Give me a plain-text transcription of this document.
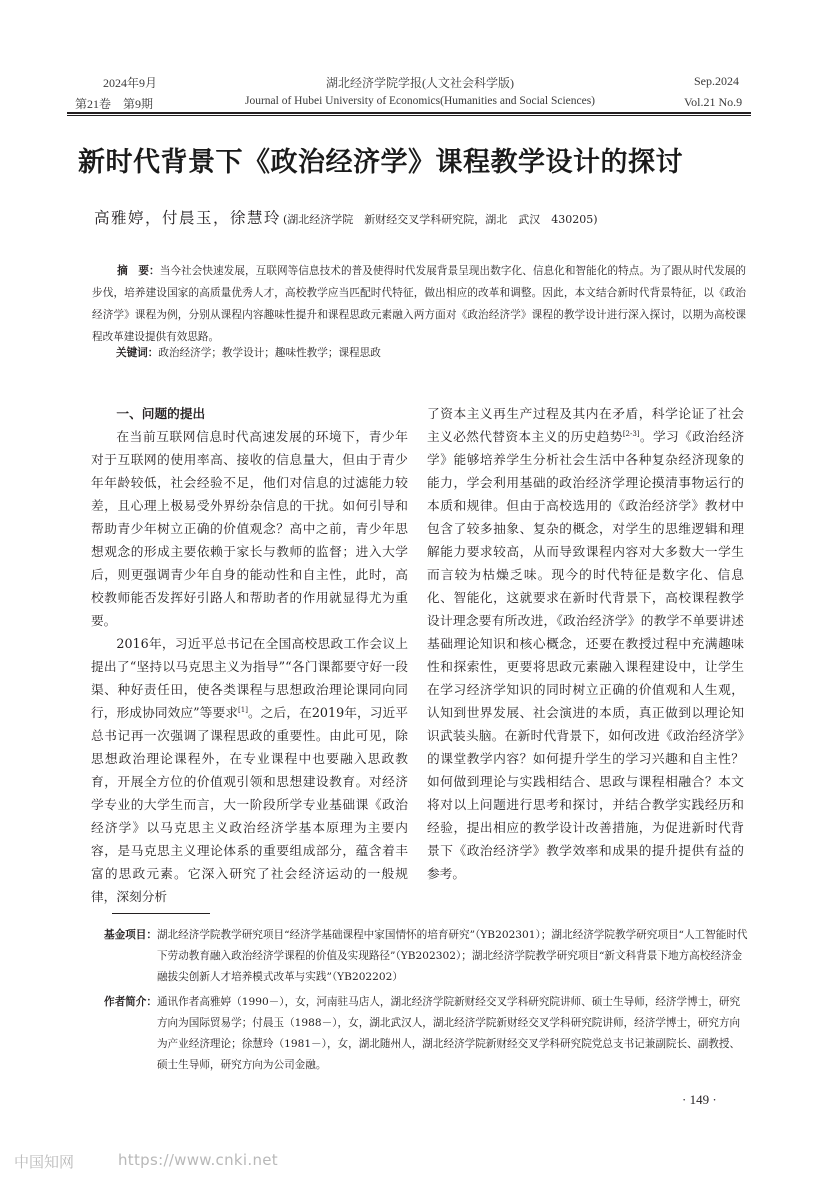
2024年9月
第21卷　第9期
湖北经济学院学报(人文社会科学版)
Journal of Hubei University of Economics(Humanities and Social Sciences)
Sep.2024
Vol.21 No.9
新时代背景下《政治经济学》课程教学设计的探讨
高雅婷，付晨玉，徐慧玲 (湖北经济学院　新财经交叉学科研究院，湖北　武汉　430205)
摘　要：当今社会快速发展，互联网等信息技术的普及使得时代发展背景呈现出数字化、信息化和智能化的特点。为了跟从时代发展的步伐，培养建设国家的高质量优秀人才，高校教学应当匹配时代特征，做出相应的改革和调整。因此，本文结合新时代背景特征，以《政治经济学》课程为例，分别从课程内容趣味性提升和课程思政元素融入两方面对《政治经济学》课程的教学设计进行深入探讨，以期为高校课程改革建设提供有效思路。
关键词：政治经济学；教学设计；趣味性教学；课程思政

一、问题的提出

在当前互联网信息时代高速发展的环境下，青少年对于互联网的使用率高、接收的信息量大，但由于青少年年龄较低，社会经验不足，他们对信息的过滤能力较差，且心理上极易受外界纷杂信息的干扰。如何引导和帮助青少年树立正确的价值观念？高中之前，青少年思想观念的形成主要依赖于家长与教师的监督；进入大学后，则更强调青少年自身的能动性和自主性，此时，高校教师能否发挥好引路人和帮助者的作用就显得尤为重要。

2016年，习近平总书记在全国高校思政工作会议上提出了“坚持以马克思主义为指导”“各门课都要守好一段渠、种好责任田，使各类课程与思想政治理论课同向同行，形成协同效应”等要求[1]。之后，在2019年，习近平总书记再一次强调了课程思政的重要性。由此可见，除思想政治理论课程外，在专业课程中也要融入思政教育，开展全方位的价值观引领和思想建设教育。对经济学专业的大学生而言，大一阶段所学专业基础课《政治经济学》以马克思主义政治经济学基本原理为主要内容，是马克思主义理论体系的重要组成部分，蕴含着丰富的思政元素。它深入研究了社会经济运动的一般规律，深刻分析

了资本主义再生产过程及其内在矛盾，科学论证了社会主义必然代替资本主义的历史趋势[2-3]。学习《政治经济学》能够培养学生分析社会生活中各种复杂经济现象的能力，学会利用基础的政治经济学理论摸清事物运行的本质和规律。但由于高校选用的《政治经济学》教材中包含了较多抽象、复杂的概念，对学生的思维逻辑和理解能力要求较高，从而导致课程内容对大多数大一学生而言较为枯燥乏味。现今的时代特征是数字化、信息化、智能化，这就要求在新时代背景下，高校课程教学设计理念要有所改进，《政治经济学》的教学不单要讲述基础理论知识和核心概念，还要在教授过程中充满趣味性和探索性，更要将思政元素融入课程建设中，让学生在学习经济学知识的同时树立正确的价值观和人生观，认知到世界发展、社会演进的本质，真正做到以理论知识武装头脑。在新时代背景下，如何改进《政治经济学》的课堂教学内容？如何提升学生的学习兴趣和自主性？如何做到理论与实践相结合、思政与课程相融合？本文将对以上问题进行思考和探讨，并结合教学实践经历和经验，提出相应的教学设计改善措施，为促进新时代背景下《政治经济学》教学效率和成果的提升提供有益的参考。

基金项目： 湖北经济学院教学研究项目“经济学基础课程中家国情怀的培育研究”（YB202301）；湖北经济学院教学研究项目“人工智能时代下劳动教育融入政治经济学课程的价值及实现路径”（YB202302）；湖北经济学院教学研究项目“新文科背景下地方高校经济金融拔尖创新人才培养模式改革与实践”（YB202202）
作者简介： 通讯作者高雅婷（1990－），女，河南驻马店人，湖北经济学院新财经交叉学科研究院讲师、硕士生导师，经济学博士，研究方向为国际贸易学；付晨玉（1988－），女，湖北武汉人，湖北经济学院新财经交叉学科研究院讲师，经济学博士，研究方向为产业经济理论；徐慧玲（1981－），女，湖北随州人，湖北经济学院新财经交叉学科研究院党总支书记兼副院长、副教授、硕士生导师，研究方向为公司金融。
· 149 ·
中国知网	https://www.cnki.net
